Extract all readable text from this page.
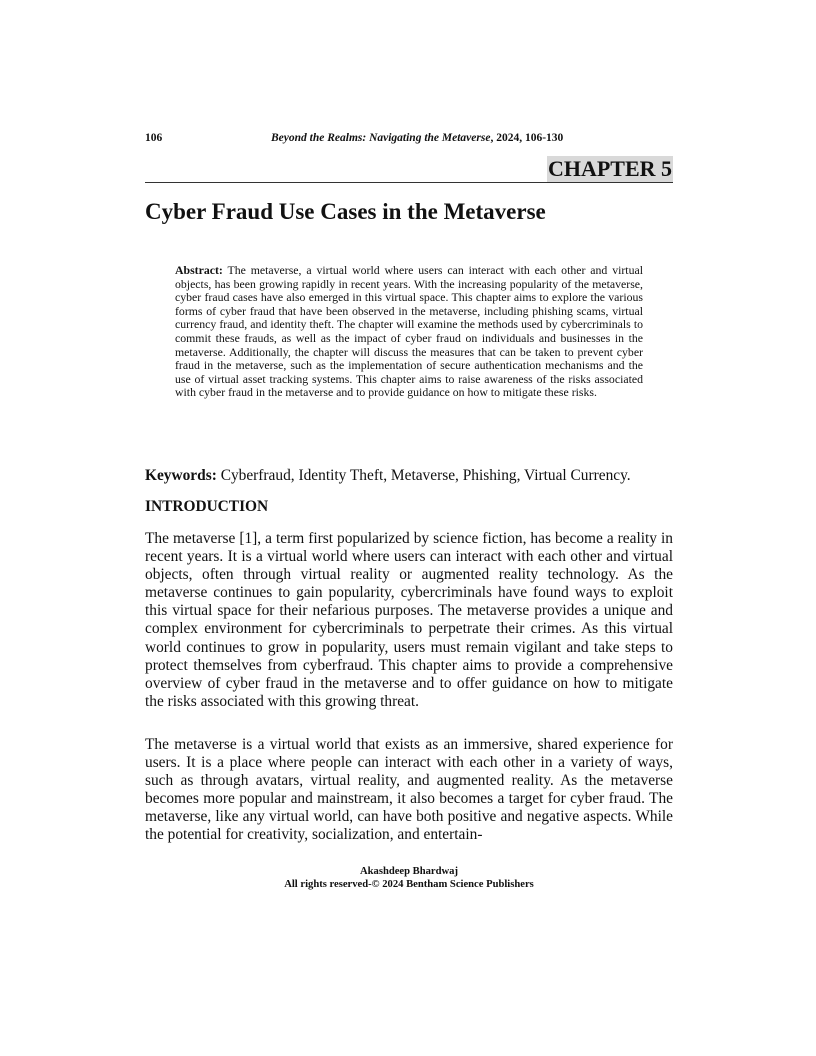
106	Beyond the Realms: Navigating the Metaverse, 2024, 106-130
CHAPTER 5
Cyber Fraud Use Cases in the Metaverse

Abstract: The metaverse, a virtual world where users can interact with each other and virtual objects, has been growing rapidly in recent years. With the increasing popularity of the metaverse, cyber fraud cases have also emerged in this virtual space. This chapter aims to explore the various forms of cyber fraud that have been observed in the metaverse, including phishing scams, virtual currency fraud, and identity theft. The chapter will examine the methods used by cybercriminals to commit these frauds, as well as the impact of cyber fraud on individuals and businesses in the metaverse. Additionally, the chapter will discuss the measures that can be taken to prevent cyber fraud in the metaverse, such as the implementation of secure authentication mechanisms and the use of virtual asset tracking systems. This chapter aims to raise awareness of the risks associated with cyber fraud in the metaverse and to provide guidance on how to mitigate these risks.

Keywords: Cyberfraud, Identity Theft, Metaverse, Phishing, Virtual Currency.

INTRODUCTION

The metaverse [1], a term first popularized by science fiction, has become a reality in recent years. It is a virtual world where users can interact with each other and virtual objects, often through virtual reality or augmented reality technology. As the metaverse continues to gain popularity, cybercriminals have found ways to exploit this virtual space for their nefarious purposes. The metaverse provides a unique and complex environment for cybercriminals to perpetrate their crimes. As this virtual world continues to grow in popularity, users must remain vigilant and take steps to protect themselves from cyberfraud. This chapter aims to provide a comprehensive overview of cyber fraud in the metaverse and to offer guidance on how to mitigate the risks associated with this growing threat.

The metaverse is a virtual world that exists as an immersive, shared experience for users. It is a place where people can interact with each other in a variety of ways, such as through avatars, virtual reality, and augmented reality. As the metaverse becomes more popular and mainstream, it also becomes a target for cyber fraud. The metaverse, like any virtual world, can have both positive and negative aspects. While the potential for creativity, socialization, and entertain-

Akashdeep Bhardwaj
All rights reserved-© 2024 Bentham Science Publishers
